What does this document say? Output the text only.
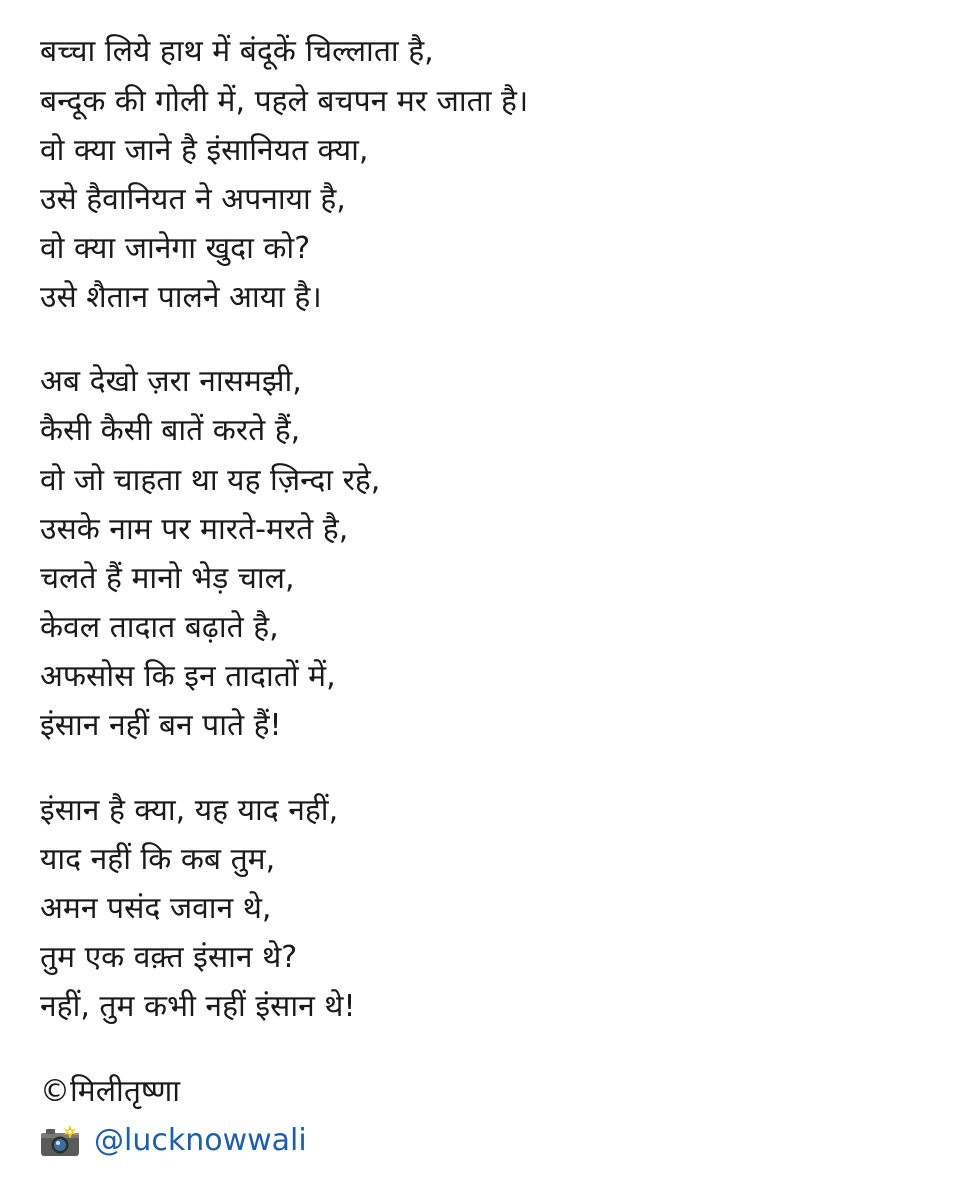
बच्चा लिये हाथ में बंदूकें चिल्लाता है,
बन्दूक की गोली में, पहले बचपन मर जाता है।
वो क्या जाने है इंसानियत क्या,
उसे हैवानियत ने अपनाया है,
वो क्या जानेगा खुदा को?
उसे शैतान पालने आया है।
अब देखो ज़रा नासमझी,
कैसी कैसी बातें करते हैं,
वो जो चाहता था यह ज़िन्दा रहे,
उसके नाम पर मारते-मरते है,
चलते हैं मानो भेड़ चाल,
केवल तादात बढ़ाते है,
अफसोस कि इन तादातों में,
इंसान नहीं बन पाते हैं!
इंसान है क्या, यह याद नहीं,
याद नहीं कि कब तुम,
अमन पसंद जवान थे,
तुम एक वक़्त इंसान थे?
नहीं, तुम कभी नहीं इंसान थे!
©मिलीतृष्णा
@lucknowwali
